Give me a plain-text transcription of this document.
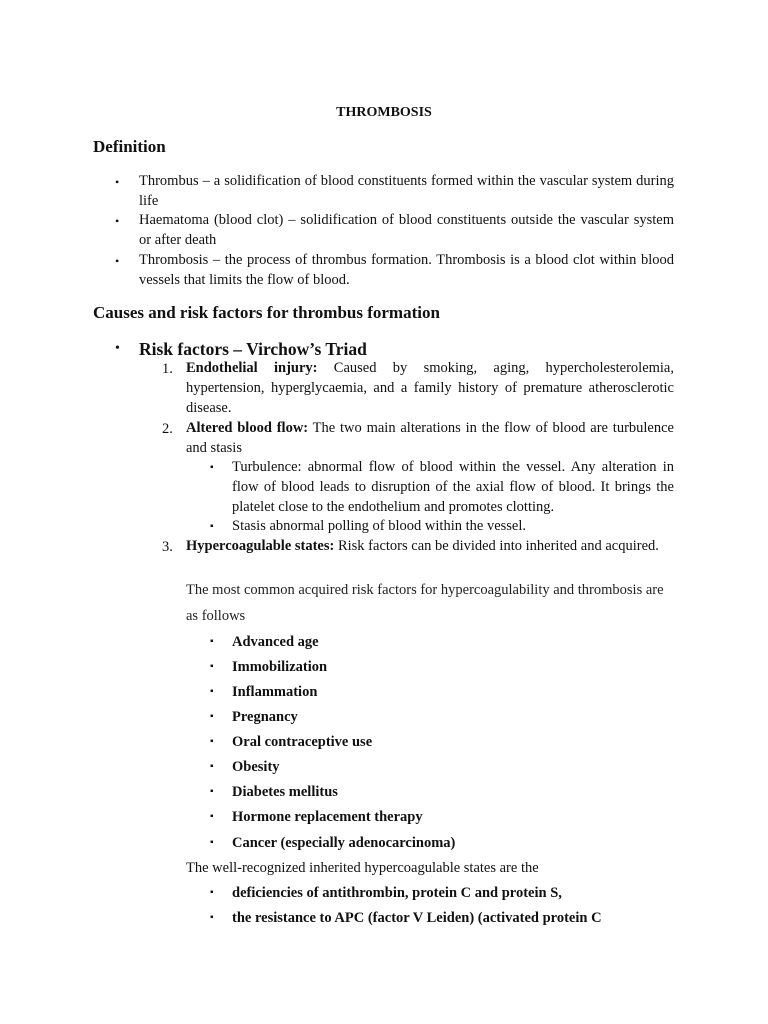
THROMBOSIS
Definition
•	Thrombus – a solidification of blood constituents formed within the vascular system during life
•	Haematoma (blood clot) – solidification of blood constituents outside the vascular system or after death
•	Thrombosis – the process of thrombus formation. Thrombosis is a blood clot within blood vessels that limits the flow of blood.
Causes and risk factors for thrombus formation
• Risk factors – Virchow’s Triad
1. Endothelial injury: Caused by smoking, aging, hypercholesterolemia, hypertension, hyperglycaemia, and a family history of premature atherosclerotic disease.
2. Altered blood flow: The two main alterations in the flow of blood are turbulence and stasis
▪ Turbulence: abnormal flow of blood within the vessel. Any alteration in flow of blood leads to disruption of the axial flow of blood. It brings the platelet close to the endothelium and promotes clotting.
▪ Stasis abnormal polling of blood within the vessel.
3. Hypercoagulable states: Risk factors can be divided into inherited and acquired.
The most common acquired risk factors for hypercoagulability and thrombosis are as follows
▪ Advanced age
▪ Immobilization
▪ Inflammation
▪ Pregnancy
▪ Oral contraceptive use
▪ Obesity
▪ Diabetes mellitus
▪ Hormone replacement therapy
▪ Cancer (especially adenocarcinoma)
The well-recognized inherited hypercoagulable states are the
▪ deficiencies of antithrombin, protein C and protein S,
▪ the resistance to APC (factor V Leiden) (activated protein C
